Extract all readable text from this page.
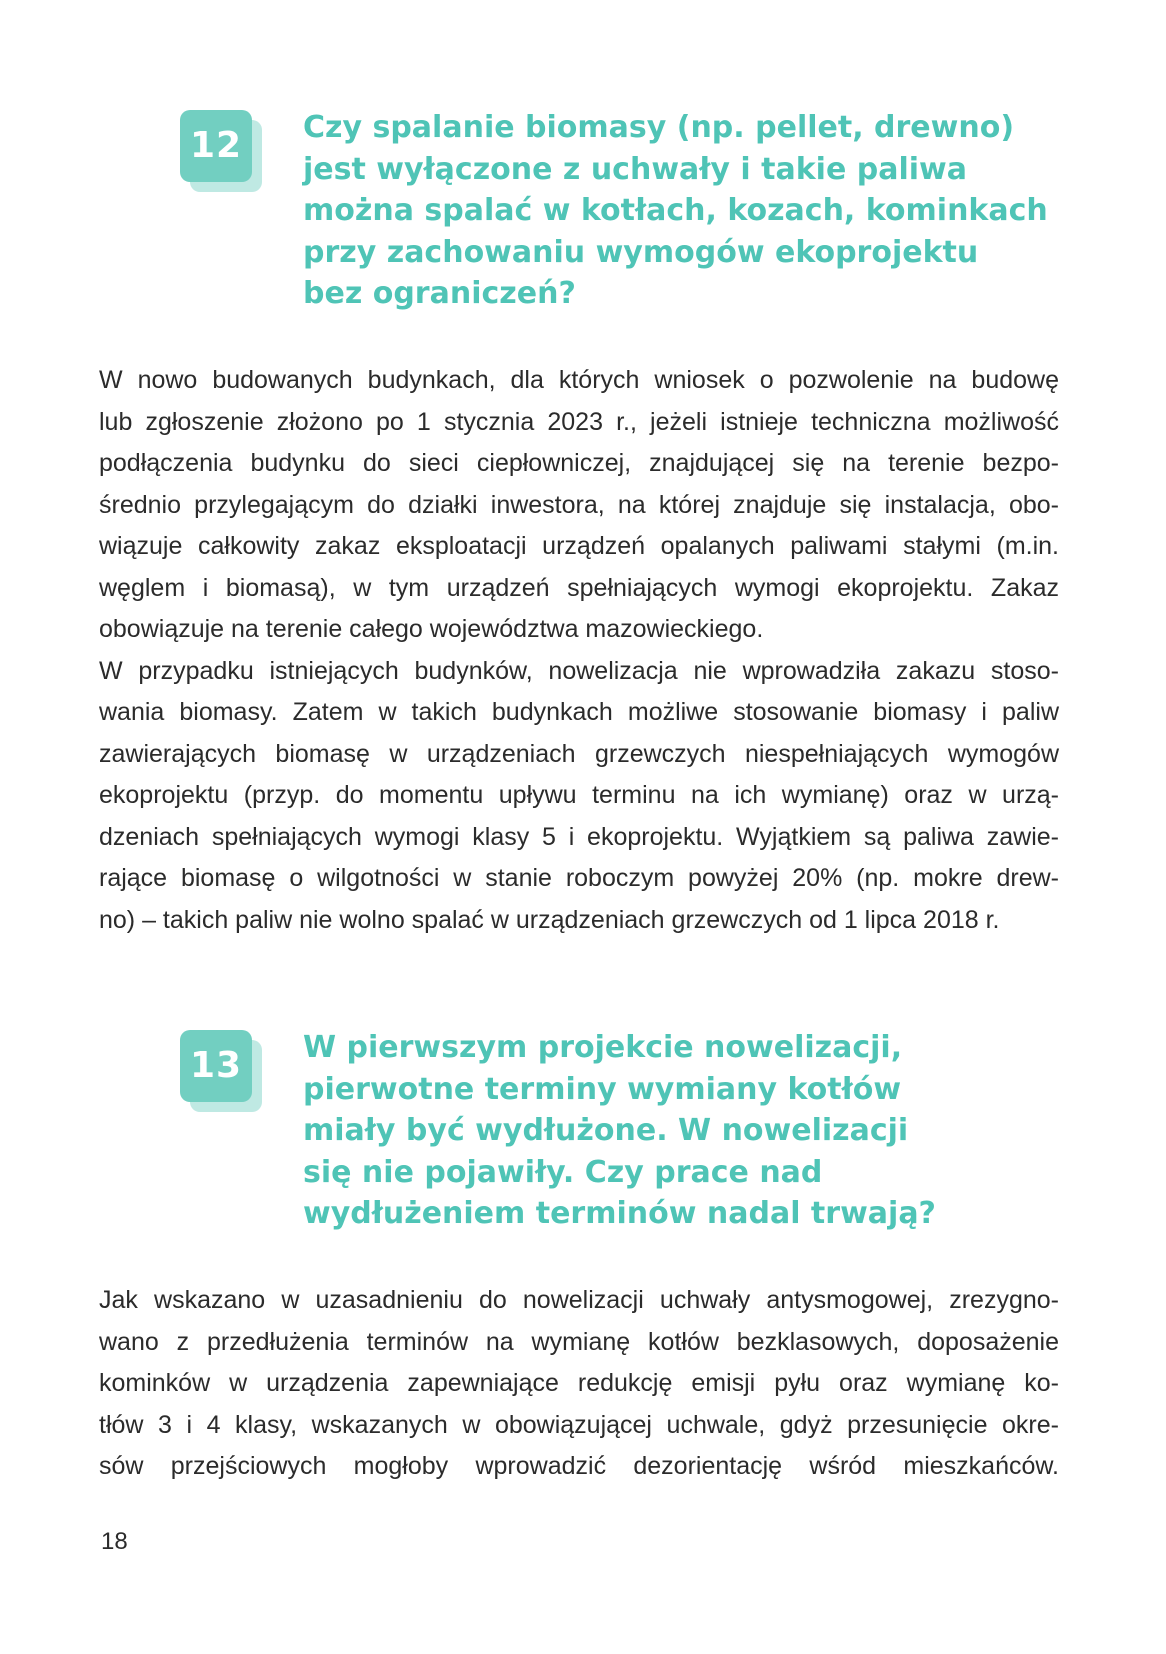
12	Czy spalanie biomasy (np. pellet, drewno)
jest wyłączone z uchwały i takie paliwa
można spalać w kotłach, kozach, kominkach
przy zachowaniu wymogów ekoprojektu
bez ograniczeń?
W nowo budowanych budynkach, dla których wniosek o pozwolenie na budowę
lub zgłoszenie złożono po 1 stycznia 2023 r., jeżeli istnieje techniczna możliwość
podłączenia budynku do sieci ciepłowniczej, znajdującej się na terenie bezpo-
średnio przylegającym do działki inwestora, na której znajduje się instalacja, obo-
wiązuje całkowity zakaz eksploatacji urządzeń opalanych paliwami stałymi (m.in.
węglem i biomasą), w tym urządzeń spełniających wymogi ekoprojektu. Zakaz
obowiązuje na terenie całego województwa mazowieckiego.
W przypadku istniejących budynków, nowelizacja nie wprowadziła zakazu stoso-
wania biomasy. Zatem w takich budynkach możliwe stosowanie biomasy i paliw
zawierających biomasę w urządzeniach grzewczych niespełniających wymogów
ekoprojektu (przyp. do momentu upływu terminu na ich wymianę) oraz w urzą-
dzeniach spełniających wymogi klasy 5 i ekoprojektu. Wyjątkiem są paliwa zawie-
rające biomasę o wilgotności w stanie roboczym powyżej 20% (np. mokre drew-
no) – takich paliw nie wolno spalać w urządzeniach grzewczych od 1 lipca 2018 r.
13	W pierwszym projekcie nowelizacji,
pierwotne terminy wymiany kotłów
miały być wydłużone. W nowelizacji
się nie pojawiły. Czy prace nad
wydłużeniem terminów nadal trwają?
Jak wskazano w uzasadnieniu do nowelizacji uchwały antysmogowej, zrezygno-
wano z przedłużenia terminów na wymianę kotłów bezklasowych, doposażenie
kominków w urządzenia zapewniające redukcję emisji pyłu oraz wymianę ko-
tłów 3 i 4 klasy, wskazanych w obowiązującej uchwale, gdyż przesunięcie okre-
sów przejściowych mogłoby wprowadzić dezorientację wśród mieszkańców.
18
